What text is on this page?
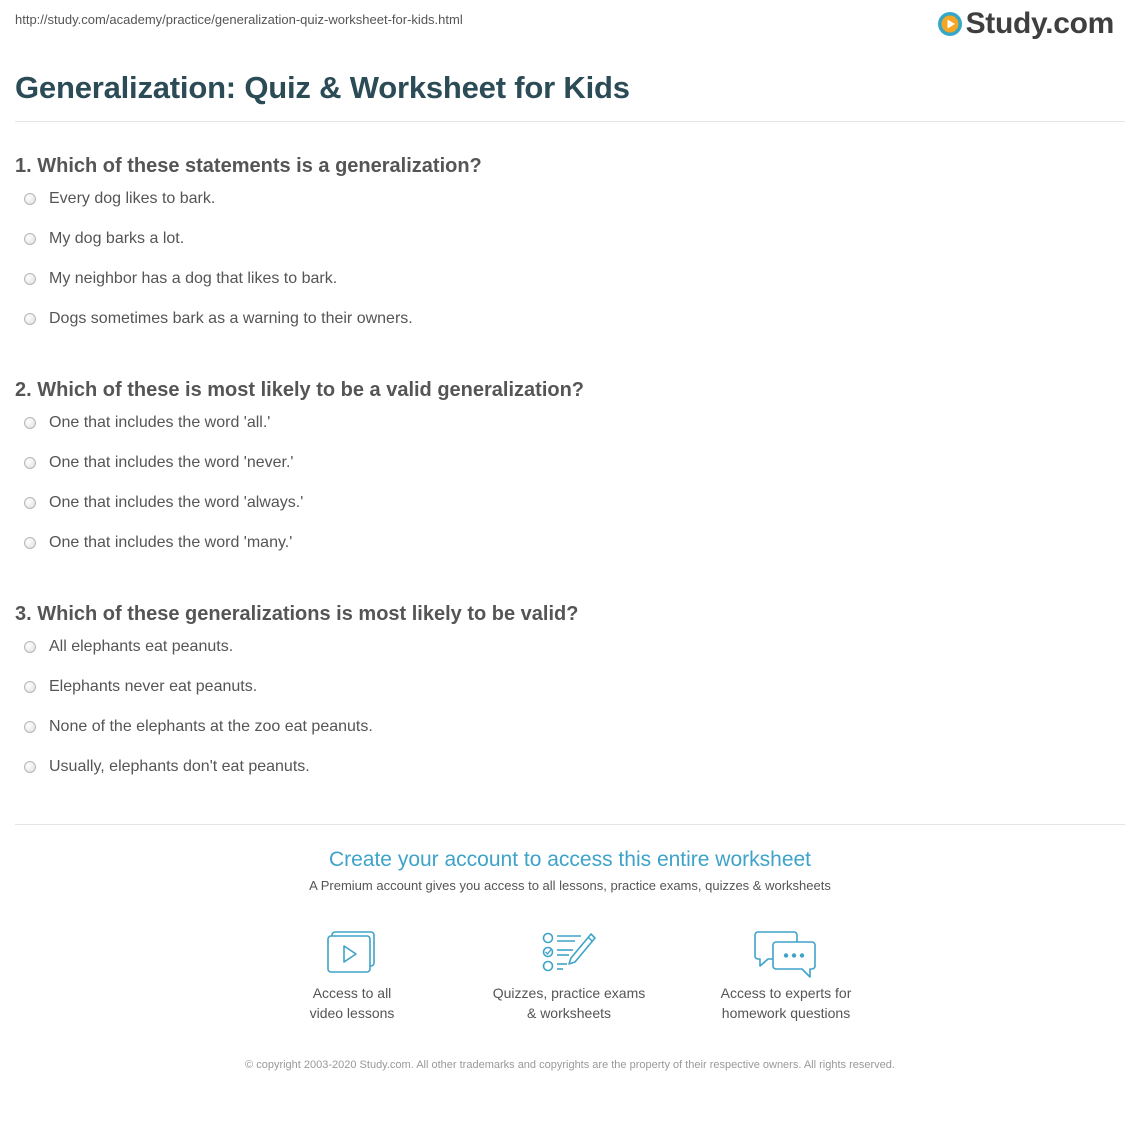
http://study.com/academy/practice/generalization-quiz-worksheet-for-kids.html	Study.com
Generalization: Quiz & Worksheet for Kids
1. Which of these statements is a generalization?
Every dog likes to bark.
My dog barks a lot.
My neighbor has a dog that likes to bark.
Dogs sometimes bark as a warning to their owners.
2. Which of these is most likely to be a valid generalization?
One that includes the word 'all.'
One that includes the word 'never.'
One that includes the word 'always.'
One that includes the word 'many.'
3. Which of these generalizations is most likely to be valid?
All elephants eat peanuts.
Elephants never eat peanuts.
None of the elephants at the zoo eat peanuts.
Usually, elephants don't eat peanuts.
Create your account to access this entire worksheet
A Premium account gives you access to all lessons, practice exams, quizzes & worksheets
Access to all
video lessons
Quizzes, practice exams
& worksheets
Access to experts for
homework questions
© copyright 2003-2020 Study.com. All other trademarks and copyrights are the property of their respective owners. All rights reserved.
